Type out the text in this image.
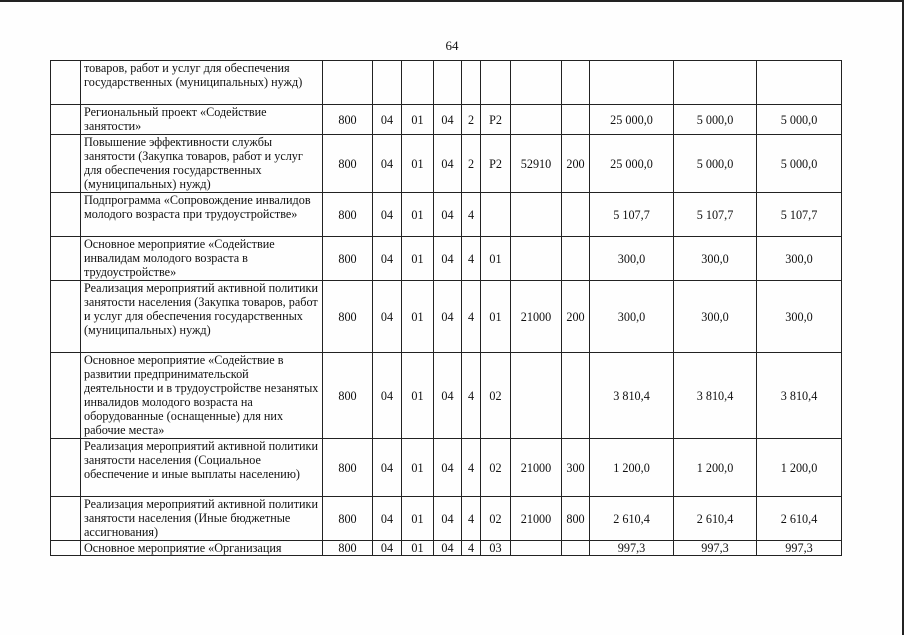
64
	товаров, работ и услуг для обеспечения государственных (муниципальных) нужд)											
	Региональный проект «Содействие занятости»	800	04	01	04	2	P2			25 000,0	5 000,0	5 000,0
	Повышение эффективности службы занятости (Закупка товаров, работ и услуг для обеспечения государственных (муниципальных) нужд)	800	04	01	04	2	P2	52910	200	25 000,0	5 000,0	5 000,0
	Подпрограмма «Сопровождение инвалидов молодого возраста при трудоустройстве»	800	04	01	04	4				5 107,7	5 107,7	5 107,7
	Основное мероприятие «Содействие инвалидам молодого возраста в трудоустройстве»	800	04	01	04	4	01			300,0	300,0	300,0
	Реализация мероприятий активной политики занятости населения (Закупка товаров, работ и услуг для обеспечения государственных (муниципальных) нужд)	800	04	01	04	4	01	21000	200	300,0	300,0	300,0
	Основное мероприятие «Содействие в развитии предпринимательской деятельности и в трудоустройстве незанятых инвалидов молодого возраста на оборудованные (оснащенные) для них рабочие места»	800	04	01	04	4	02			3 810,4	3 810,4	3 810,4
	Реализация мероприятий активной политики занятости населения (Социальное обеспечение и иные выплаты населению)	800	04	01	04	4	02	21000	300	1 200,0	1 200,0	1 200,0
	Реализация мероприятий активной политики занятости населения (Иные бюджетные ассигнования)	800	04	01	04	4	02	21000	800	2 610,4	2 610,4	2 610,4
	Основное мероприятие «Организация	800	04	01	04	4	03			997,3	997,3	997,3
